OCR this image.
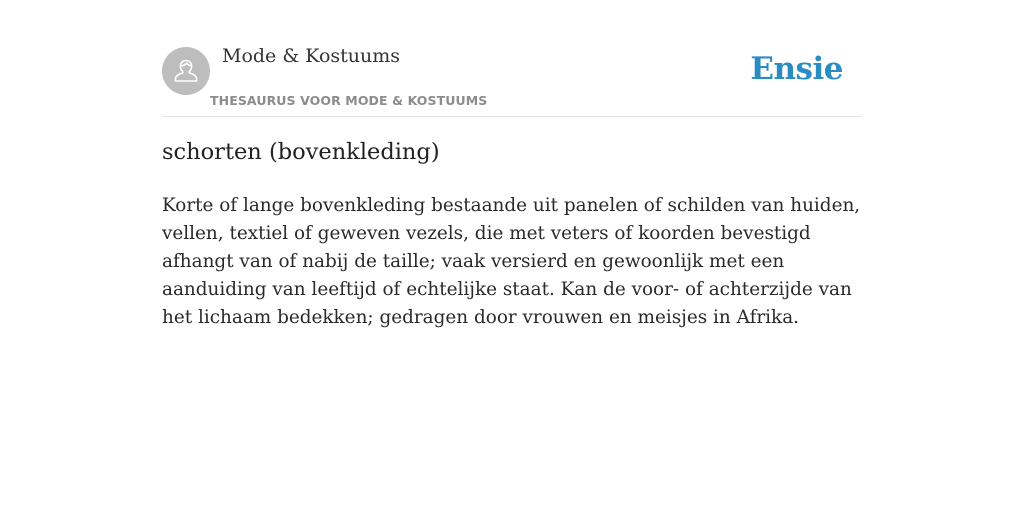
Mode & Kostuums
THESAURUS VOOR MODE & KOSTUUMS
Ensie
schorten (bovenkleding)

Korte of lange bovenkleding bestaande uit panelen of schilden van huiden, vellen, textiel of geweven vezels, die met veters of koorden bevestigd afhangt van of nabij de taille; vaak versierd en gewoonlijk met een aanduiding van leeftijd of echtelijke staat. Kan de voor- of achterzijde van het lichaam bedekken; gedragen door vrouwen en meisjes in Afrika.
